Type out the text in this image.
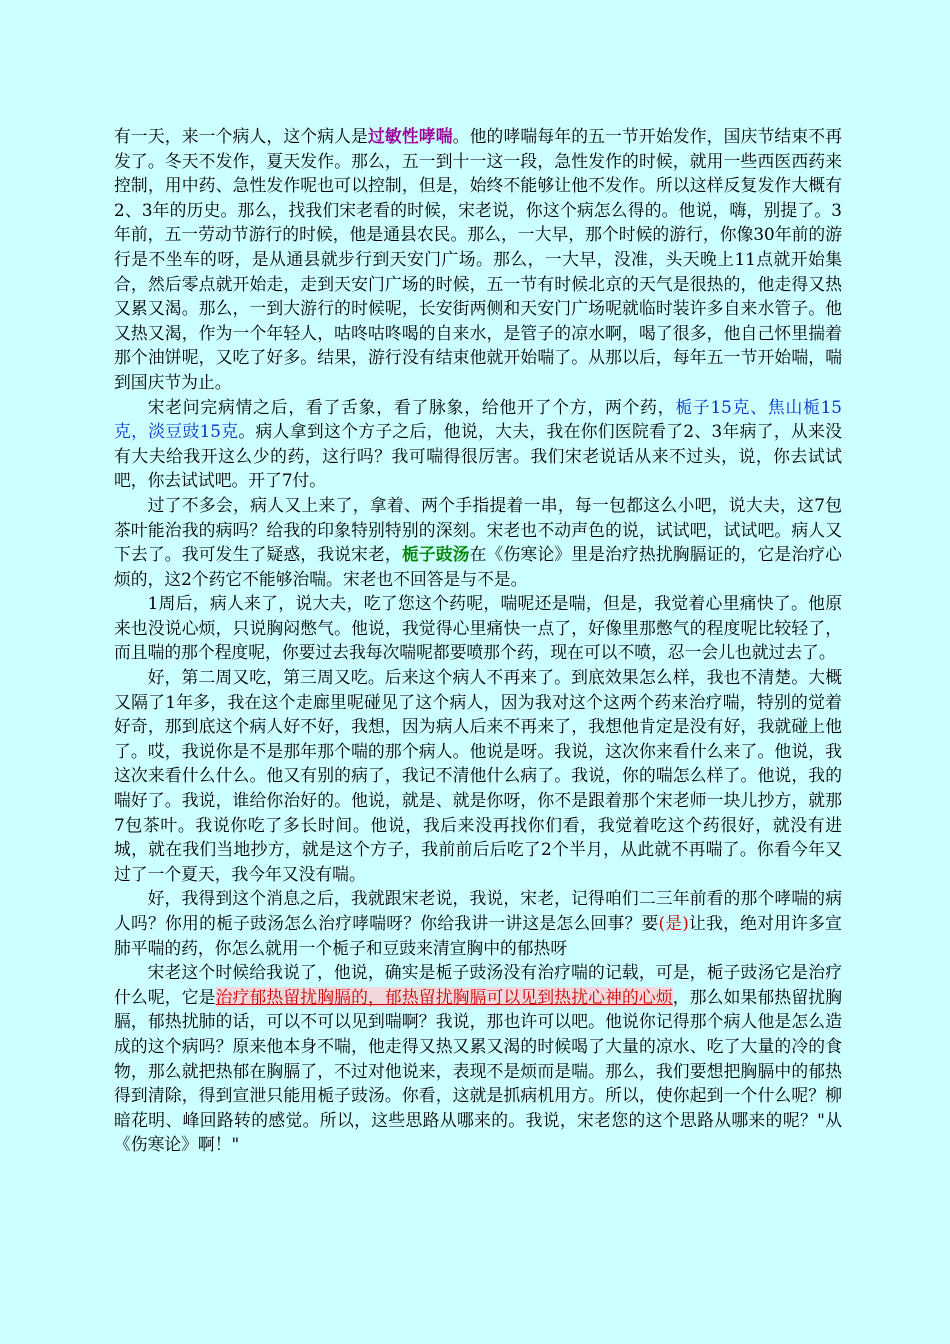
有一天，来一个病人，这个病人是过敏性哮喘。他的哮喘每年的五一节开始发作，国庆节结束不再发了。冬天不发作，夏天发作。那么，五一到十一这一段，急性发作的时候，就用一些西医西药来控制，用中药、急性发作呢也可以控制，但是，始终不能够让他不发作。所以这样反复发作大概有2、3年的历史。那么，找我们宋老看的时候，宋老说，你这个病怎么得的。他说，嗨，别提了。3年前，五一劳动节游行的时候，他是通县农民。那么，一大早，那个时候的游行，你像30年前的游行是不坐车的呀，是从通县就步行到天安门广场。那么，一大早，没准，头天晚上11点就开始集合，然后零点就开始走，走到天安门广场的时候，五一节有时候北京的天气是很热的，他走得又热又累又渴。那么，一到大游行的时候呢，长安街两侧和天安门广场呢就临时装许多自来水管子。他又热又渴，作为一个年轻人，咕咚咕咚喝的自来水，是管子的凉水啊，喝了很多，他自己怀里揣着那个油饼呢，又吃了好多。结果，游行没有结束他就开始喘了。从那以后，每年五一节开始喘，喘到国庆节为止。

宋老问完病情之后，看了舌象，看了脉象，给他开了个方，两个药，栀子15克、焦山栀15克，淡豆豉15克。病人拿到这个方子之后，他说，大夫，我在你们医院看了2、3年病了，从来没有大夫给我开这么少的药，这行吗？我可喘得很厉害。我们宋老说话从来不过头，说，你去试试吧，你去试试吧。开了7付。

过了不多会，病人又上来了，拿着、两个手指提着一串，每一包都这么小吧，说大夫，这7包茶叶能治我的病吗？给我的印象特别特别的深刻。宋老也不动声色的说，试试吧，试试吧。病人又下去了。我可发生了疑惑，我说宋老，栀子豉汤在《伤寒论》里是治疗热扰胸膈证的，它是治疗心烦的，这2个药它不能够治喘。宋老也不回答是与不是。

1周后，病人来了，说大夫，吃了您这个药呢，喘呢还是喘，但是，我觉着心里痛快了。他原来也没说心烦，只说胸闷憋气。他说，我觉得心里痛快一点了，好像里那憋气的程度呢比较轻了，而且喘的那个程度呢，你要过去我每次喘呢都要喷那个药，现在可以不喷，忍一会儿也就过去了。

好，第二周又吃，第三周又吃。后来这个病人不再来了。到底效果怎么样，我也不清楚。大概又隔了1年多，我在这个走廊里呢碰见了这个病人，因为我对这个这两个药来治疗喘，特别的觉着好奇，那到底这个病人好不好，我想，因为病人后来不再来了，我想他肯定是没有好，我就碰上他了。哎，我说你是不是那年那个喘的那个病人。他说是呀。我说，这次你来看什么来了。他说，我这次来看什么什么。他又有别的病了，我记不清他什么病了。我说，你的喘怎么样了。他说，我的喘好了。我说，谁给你治好的。他说，就是、就是你呀，你不是跟着那个宋老师一块儿抄方，就那7包茶叶。我说你吃了多长时间。他说，我后来没再找你们看，我觉着吃这个药很好，就没有进城，就在我们当地抄方，就是这个方子，我前前后后吃了2个半月，从此就不再喘了。你看今年又过了一个夏天，我今年又没有喘。

好，我得到这个消息之后，我就跟宋老说，我说，宋老，记得咱们二三年前看的那个哮喘的病人吗？你用的栀子豉汤怎么治疗哮喘呀？你给我讲一讲这是怎么回事？要(是)让我，绝对用许多宣肺平喘的药，你怎么就用一个栀子和豆豉来清宣胸中的郁热呀

宋老这个时候给我说了，他说，确实是栀子豉汤没有治疗喘的记载，可是，栀子豉汤它是治疗什么呢，它是治疗郁热留扰胸膈的，郁热留扰胸膈可以见到热扰心神的心烦，那么如果郁热留扰胸膈，郁热扰肺的话，可以不可以见到喘啊？我说，那也许可以吧。他说你记得那个病人他是怎么造成的这个病吗？原来他本身不喘，他走得又热又累又渴的时候喝了大量的凉水、吃了大量的冷的食物，那么就把热郁在胸膈了，不过对他说来，表现不是烦而是喘。那么，我们要想把胸膈中的郁热得到清除，得到宣泄只能用栀子豉汤。你看，这就是抓病机用方。所以，使你起到一个什么呢？柳暗花明、峰回路转的感觉。所以，这些思路从哪来的。我说，宋老您的这个思路从哪来的呢？"从《伤寒论》啊！"
